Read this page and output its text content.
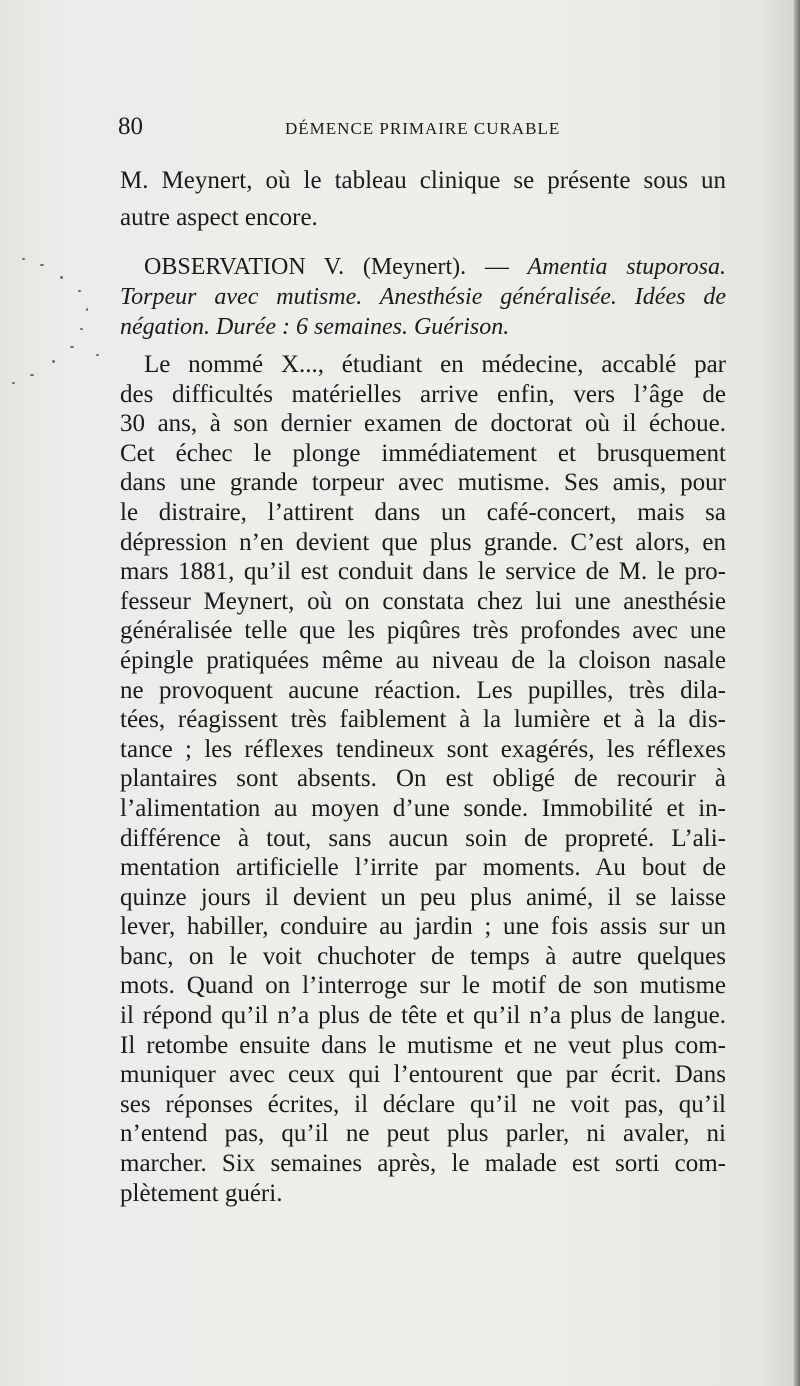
80	DÉMENCE PRIMAIRE CURABLE
M. Meynert, où le tableau clinique se présente sous un
autre aspect encore.
OBSERVATION V. (Meynert). — Amentia stuporosa.
Torpeur avec mutisme. Anesthésie généralisée. Idées de
négation. Durée : 6 semaines. Guérison.
Le nommé X..., étudiant en médecine, accablé par
des difficultés matérielles arrive enfin, vers l’âge de
30 ans, à son dernier examen de doctorat où il échoue.
Cet échec le plonge immédiatement et brusquement
dans une grande torpeur avec mutisme. Ses amis, pour
le distraire, l’attirent dans un café-concert, mais sa
dépression n’en devient que plus grande. C’est alors, en
mars 1881, qu’il est conduit dans le service de M. le pro-
fesseur Meynert, où on constata chez lui une anesthésie
généralisée telle que les piqûres très profondes avec une
épingle pratiquées même au niveau de la cloison nasale
ne provoquent aucune réaction. Les pupilles, très dila-
tées, réagissent très faiblement à la lumière et à la dis-
tance ; les réflexes tendineux sont exagérés, les réflexes
plantaires sont absents. On est obligé de recourir à
l’alimentation au moyen d’une sonde. Immobilité et in-
différence à tout, sans aucun soin de propreté. L’ali-
mentation artificielle l’irrite par moments. Au bout de
quinze jours il devient un peu plus animé, il se laisse
lever, habiller, conduire au jardin ; une fois assis sur un
banc, on le voit chuchoter de temps à autre quelques
mots. Quand on l’interroge sur le motif de son mutisme
il répond qu’il n’a plus de tête et qu’il n’a plus de langue.
Il retombe ensuite dans le mutisme et ne veut plus com-
muniquer avec ceux qui l’entourent que par écrit. Dans
ses réponses écrites, il déclare qu’il ne voit pas, qu’il
n’entend pas, qu’il ne peut plus parler, ni avaler, ni
marcher. Six semaines après, le malade est sorti com-
plètement guéri.
